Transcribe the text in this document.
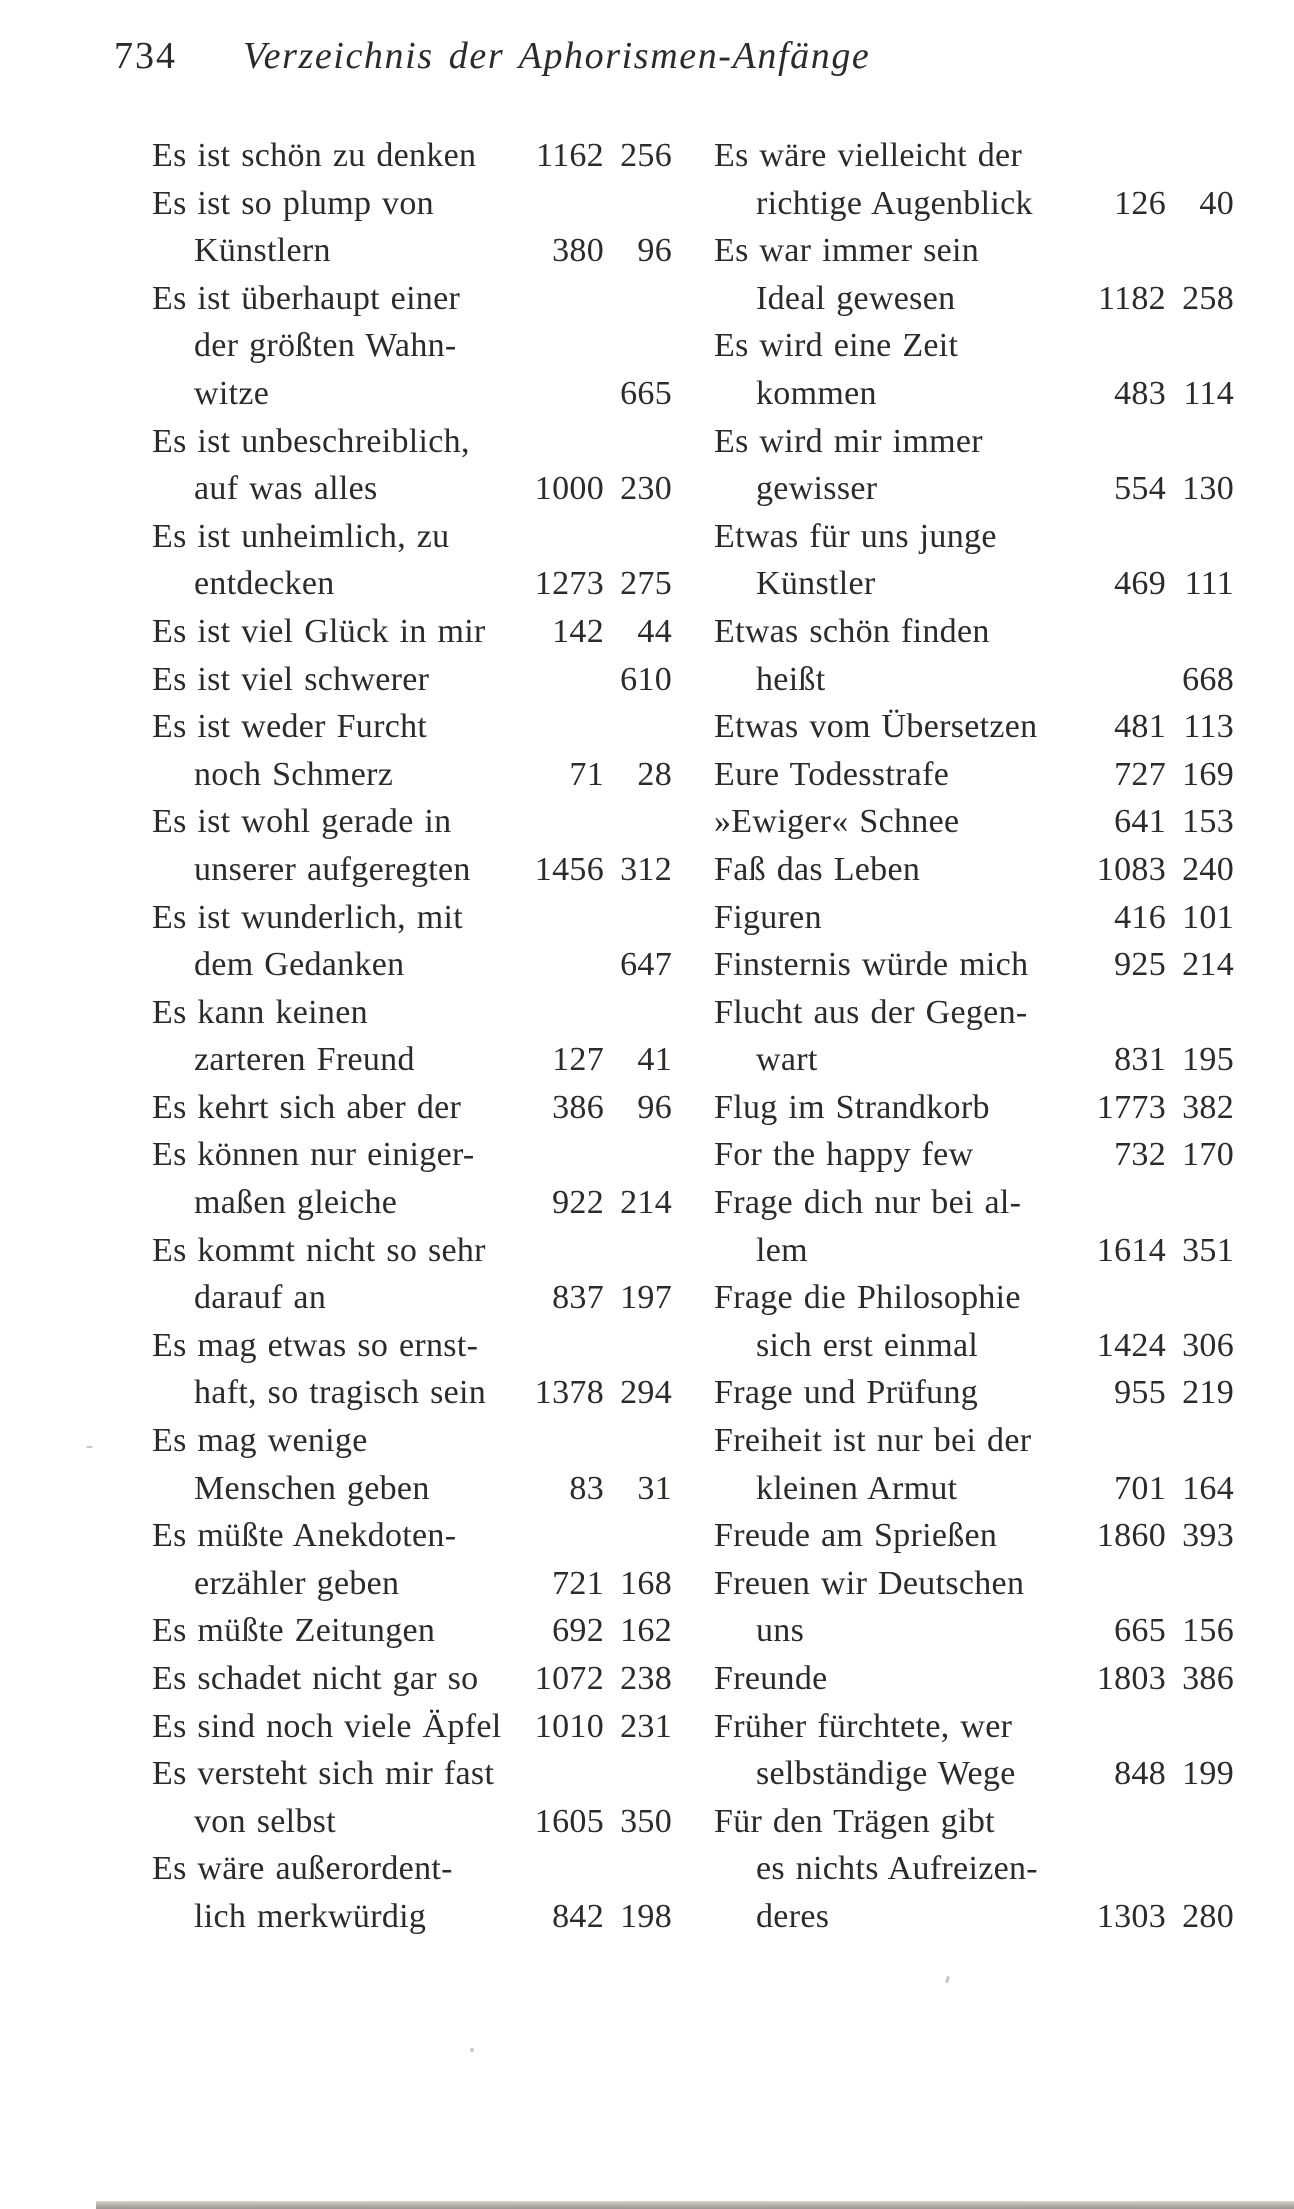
734 Verzeichnis der Aphorismen-Anfänge
Es ist schön zu denken	1162 256
Es ist so plump von
Künstlern	380 96
Es ist überhaupt einer
der größten Wahn-
witze	665
Es ist unbeschreiblich,
auf was alles	1000 230
Es ist unheimlich, zu
entdecken	1273 275
Es ist viel Glück in mir	142 44
Es ist viel schwerer	610
Es ist weder Furcht
noch Schmerz	71 28
Es ist wohl gerade in
unserer aufgeregten	1456 312
Es ist wunderlich, mit
dem Gedanken	647
Es kann keinen
zarteren Freund	127 41
Es kehrt sich aber der	386 96
Es können nur einiger-
maßen gleiche	922 214
Es kommt nicht so sehr
darauf an	837 197
Es mag etwas so ernst-
haft, so tragisch sein	1378 294
Es mag wenige
Menschen geben	83 31
Es müßte Anekdoten-
erzähler geben	721 168
Es müßte Zeitungen	692 162
Es schadet nicht gar so	1072 238
Es sind noch viele Äpfel 1010 231
Es versteht sich mir fast
von selbst	1605 350
Es wäre außerordent-
lich merkwürdig	842 198
Es wäre vielleicht der
richtige Augenblick	126 40
Es war immer sein
Ideal gewesen	1182 258
Es wird eine Zeit
kommen	483 114
Es wird mir immer
gewisser	554 130
Etwas für uns junge
Künstler	469 111
Etwas schön finden
heißt	668
Etwas vom Übersetzen	481 113
Eure Todesstrafe	727 169
»Ewiger« Schnee	641 153
Faß das Leben	1083 240
Figuren	416 101
Finsternis würde mich	925 214
Flucht aus der Gegen-
wart	831 195
Flug im Strandkorb	1773 382
For the happy few	732 170
Frage dich nur bei al-
lem	1614 351
Frage die Philosophie
sich erst einmal	1424 306
Frage und Prüfung	955 219
Freiheit ist nur bei der
kleinen Armut	701 164
Freude am Sprießen	1860 393
Freuen wir Deutschen
uns	665 156
Freunde	1803 386
Früher fürchtete, wer
selbständige Wege	848 199
Für den Trägen gibt
es nichts Aufreizen-
deres	1303 280
